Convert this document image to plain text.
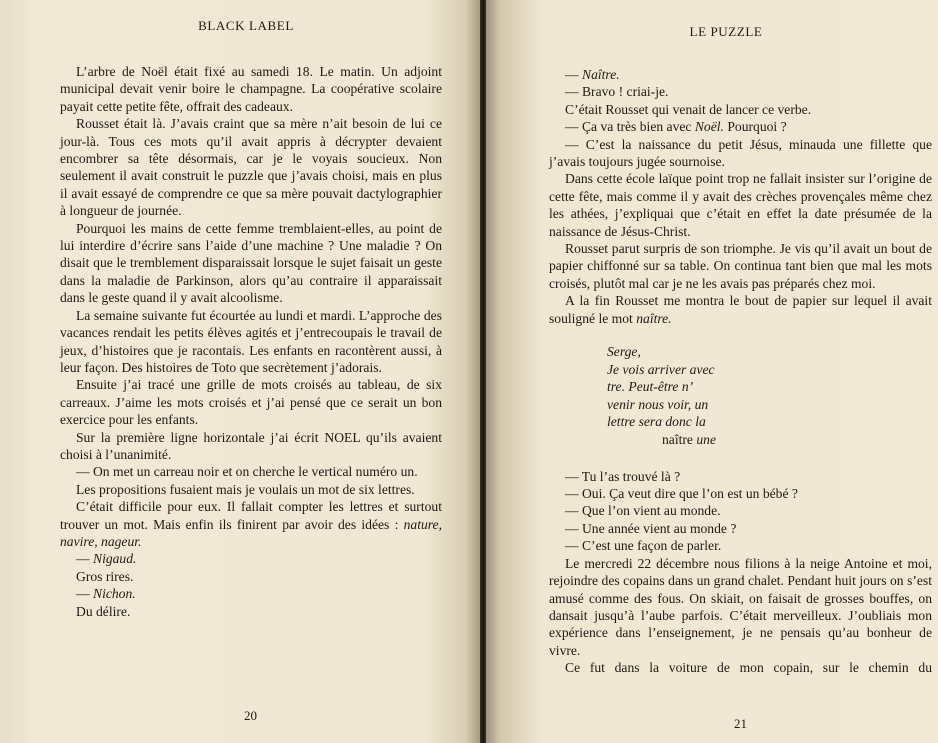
BLACK LABEL

L’arbre de Noël était fixé au samedi 18. Le matin. Un adjoint municipal devait venir boire le champagne. La coopérative scolaire payait cette petite fête, offrait des cadeaux.

Rousset était là. J’avais craint que sa mère n’ait besoin de lui ce jour-là. Tous ces mots qu’il avait appris à décrypter devaient encombrer sa tête désormais, car je le voyais soucieux. Non seulement il avait construit le puzzle que j’avais choisi, mais en plus il avait essayé de comprendre ce que sa mère pouvait dactylographier à longueur de journée.

Pourquoi les mains de cette femme tremblaient-elles, au point de lui interdire d’écrire sans l’aide d’une machine ? Une maladie ? On disait que le tremblement disparaissait lorsque le sujet faisait un geste dans la maladie de Parkinson, alors qu’au contraire il apparaissait dans le geste quand il y avait alcoolisme.

La semaine suivante fut écourtée au lundi et mardi. L’approche des vacances rendait les petits élèves agités et j’entrecoupais le travail de jeux, d’histoires que je racontais. Les enfants en racontèrent aussi, à leur façon. Des histoires de Toto que secrètement j’adorais.

Ensuite j’ai tracé une grille de mots croisés au tableau, de six carreaux. J’aime les mots croisés et j’ai pensé que ce serait un bon exercice pour les enfants.

Sur la première ligne horizontale j’ai écrit NOEL qu’ils avaient choisi à l’unanimité.

— On met un carreau noir et on cherche le vertical numéro un.

Les propositions fusaient mais je voulais un mot de six lettres.

C’était difficile pour eux. Il fallait compter les lettres et surtout trouver un mot. Mais enfin ils finirent par avoir des idées : nature, navire, nageur.

— Nigaud.

Gros rires.

— Nichon.

Du délire.

20
LE PUZZLE

— Naître.

— Bravo ! criai-je.

C’était Rousset qui venait de lancer ce verbe.

— Ça va très bien avec Noël. Pourquoi ?

— C’est la naissance du petit Jésus, minauda une fillette que j’avais toujours jugée sournoise.

Dans cette école laïque point trop ne fallait insister sur l’origine de cette fête, mais comme il y avait des crèches provençales même chez les athées, j’expliquai que c’était en effet la date présumée de la naissance de Jésus-Christ.

Rousset parut surpris de son triomphe. Je vis qu’il avait un bout de papier chiffonné sur sa table. On continua tant bien que mal les mots croisés, plutôt mal car je ne les avais pas préparés chez moi.

A la fin Rousset me montra le bout de papier sur lequel il avait souligné le mot naître.

Serge,
Je vois arriver avec
tre. Peut-être n’
venir nous voir, un
lettre sera donc la
naître une

— Tu l’as trouvé là ?

— Oui. Ça veut dire que l’on est un bébé ?

— Que l’on vient au monde.

— Une année vient au monde ?

— C’est une façon de parler.

Le mercredi 22 décembre nous filions à la neige Antoine et moi, rejoindre des copains dans un grand chalet. Pendant huit jours on s’est amusé comme des fous. On skiait, on faisait de grosses bouffes, on dansait jusqu’à l’aube parfois. C’était merveilleux. J’oubliais mon expérience dans l’enseignement, je ne pensais qu’au bonheur de vivre.

Ce fut dans la voiture de mon copain, sur le chemin du

21
